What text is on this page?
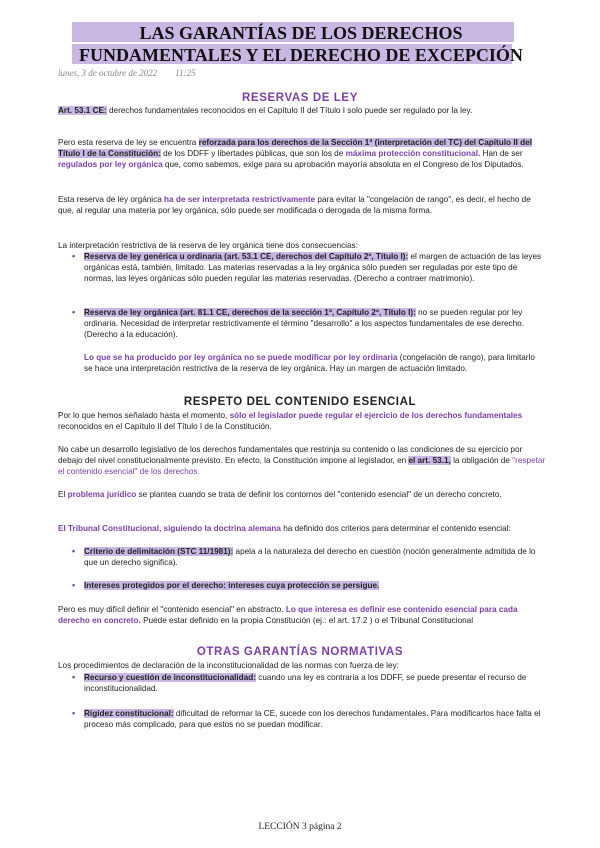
LAS GARANTÍAS DE LOS DERECHOS
FUNDAMENTALES Y EL DERECHO DE EXCEPCIÓN
lunes, 3 de octubre de 2022 11:25
RESERVAS DE LEY
Art. 53.1 CE: derechos fundamentales reconocidos en el Capítulo II del Título I solo puede ser regulado por la ley.
Pero esta reserva de ley se encuentra reforzada para los derechos de la Sección 1ª (interpretación del TC) del Capítulo II del Título I de la Constitución: de los DDFF y libertades públicas, que son los de máxima protección constitucional. Han de ser regulados por ley orgánica que, como sabemos, exige para su aprobación mayoría absoluta en el Congreso de los Diputados.
Esta reserva de ley orgánica ha de ser interpretada restrictivamente para evitar la "congelación de rango", es decir, el hecho de que, al regular una materia por ley orgánica, sólo puede ser modificada o derogada de la misma forma.
La interpretación restrictiva de la reserva de ley orgánica tiene dos consecuencias:
• Reserva de ley genérica u ordinaria (art. 53.1 CE, derechos del Capítulo 2º, Título I): el margen de actuación de las leyes orgánicas está, también, limitado. Las materias reservadas a la ley orgánica sólo pueden ser reguladas por este tipo de normas, las leyes orgánicas sólo pueden regular las materias reservadas. (Derecho a contraer matrimonio).
• Reserva de ley orgánica (art. 81.1 CE, derechos de la sección 1ª, Capítulo 2º, Título I): no se pueden regular por ley ordinaria. Necesidad de interpretar restrictivamente el término "desarrollo" a los aspectos fundamentales de ese derecho. (Derecho a la educación).
Lo que se ha producido por ley orgánica no se puede modificar por ley ordinaria (congelación de rango), para limitarlo se hace una interpretación restrictiva de la reserva de ley orgánica. Hay un margen de actuación limitado.
RESPETO DEL CONTENIDO ESENCIAL
Por lo que hemos señalado hasta el momento, sólo el legislador puede regular el ejercicio de los derechos fundamentales reconocidos en el Capítulo II del Título I de la Constitución.
No cabe un desarrollo legislativo de los derechos fundamentales que restrinja su contenido o las condiciones de su ejercicio por debajo del nivel constitucionalmente previsto. En efecto, la Constitución impone al legislador, en el art. 53.1, la obligación de "respetar el contenido esencial" de los derechos.
El problema jurídico se plantea cuando se trata de definir los contornos del "contenido esencial" de un derecho concreto.
El Tribunal Constitucional, siguiendo la doctrina alemana ha definido dos criterios para determinar el contenido esencial:
• Criterio de delimitación (STC 11/1981): apela a la naturaleza del derecho en cuestión (noción generalmente admitida de lo que un derecho significa).
• Intereses protegidos por el derecho: intereses cuya protección se persigue.
Pero es muy difícil definir el "contenido esencial" en abstracto. Lo que interesa es definir ese contenido esencial para cada derecho en concreto. Puede estar definido en la propia Constitución (ej.: el art. 17.2 ) o el Tribunal Constitucional
OTRAS GARANTÍAS NORMATIVAS
Los procedimientos de declaración de la inconstitucionalidad de las normas con fuerza de ley:
• Recurso y cuestión de inconstitucionalidad: cuando una ley es contraria a los DDFF, se puede presentar el recurso de inconstitucionalidad.
• Rigidez constitucional: dificultad de reformar la CE, sucede con los derechos fundamentales. Para modificarlos hace falta el proceso más complicado, para que estos no se puedan modificar.
LECCIÓN 3 página 2
